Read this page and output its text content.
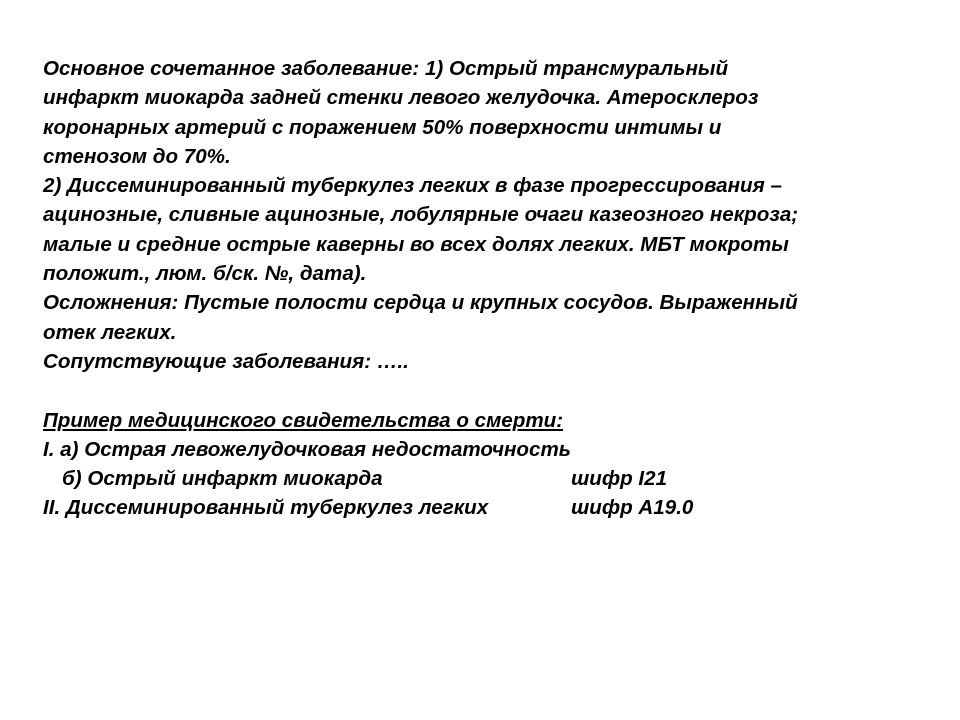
Основное сочетанное заболевание: 1) Острый трансмуральный
инфаркт миокарда задней стенки левого желудочка. Атеросклероз
коронарных артерий с поражением 50% поверхности интимы и
стенозом до 70%.
2) Диссеминированный туберкулез легких в фазе прогрессирования –
ацинозные, сливные ацинозные, лобулярные очаги казеозного некроза;
малые и средние острые каверны во всех долях легких. МБТ мокроты
положит., люм. б/ск. №, дата).
Осложнения: Пустые полости сердца и крупных сосудов. Выраженный
отек легких.
Сопутствующие заболевания: …..
Пример медицинского свидетельства о смерти:
I. а) Острая левожелудочковая недостаточность
б) Острый инфаркт миокарда	шифр I21
II. Диссеминированный туберкулез легких	шифр A19.0
